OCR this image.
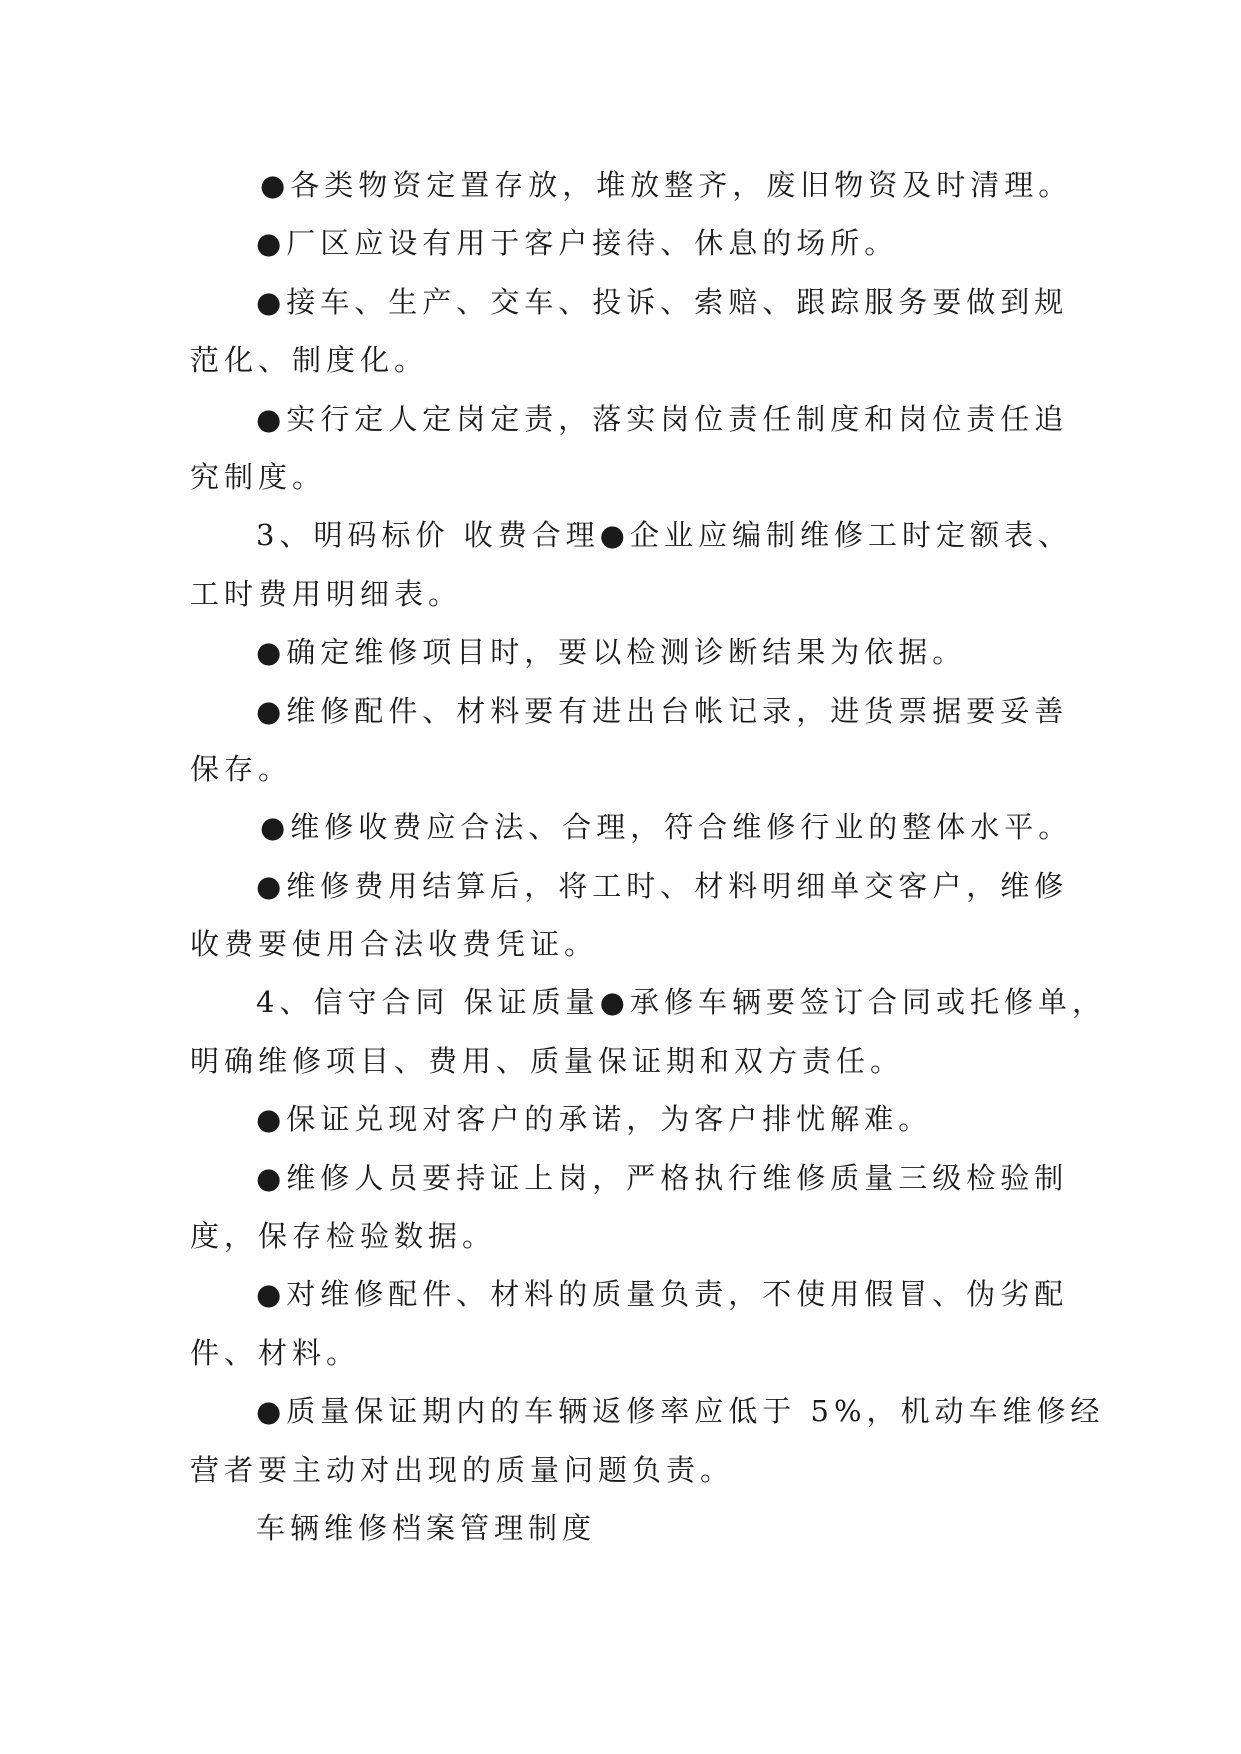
●各类物资定置存放，堆放整齐，废旧物资及时清理。
●厂区应设有用于客户接待、休息的场所。
●接车、生产、交车、投诉、索赔、跟踪服务要做到规
范化、制度化。
●实行定人定岗定责，落实岗位责任制度和岗位责任追
究制度。
3、明码标价 收费合理●企业应编制维修工时定额表、
工时费用明细表。
●确定维修项目时，要以检测诊断结果为依据。
●维修配件、材料要有进出台帐记录，进货票据要妥善
保存。
●维修收费应合法、合理，符合维修行业的整体水平。
●维修费用结算后，将工时、材料明细单交客户，维修
收费要使用合法收费凭证。
4、信守合同 保证质量●承修车辆要签订合同或托修单，
明确维修项目、费用、质量保证期和双方责任。
●保证兑现对客户的承诺，为客户排忧解难。
●维修人员要持证上岗，严格执行维修质量三级检验制
度，保存检验数据。
●对维修配件、材料的质量负责，不使用假冒、伪劣配
件、材料。
●质量保证期内的车辆返修率应低于 5%，机动车维修经
营者要主动对出现的质量问题负责。
车辆维修档案管理制度
